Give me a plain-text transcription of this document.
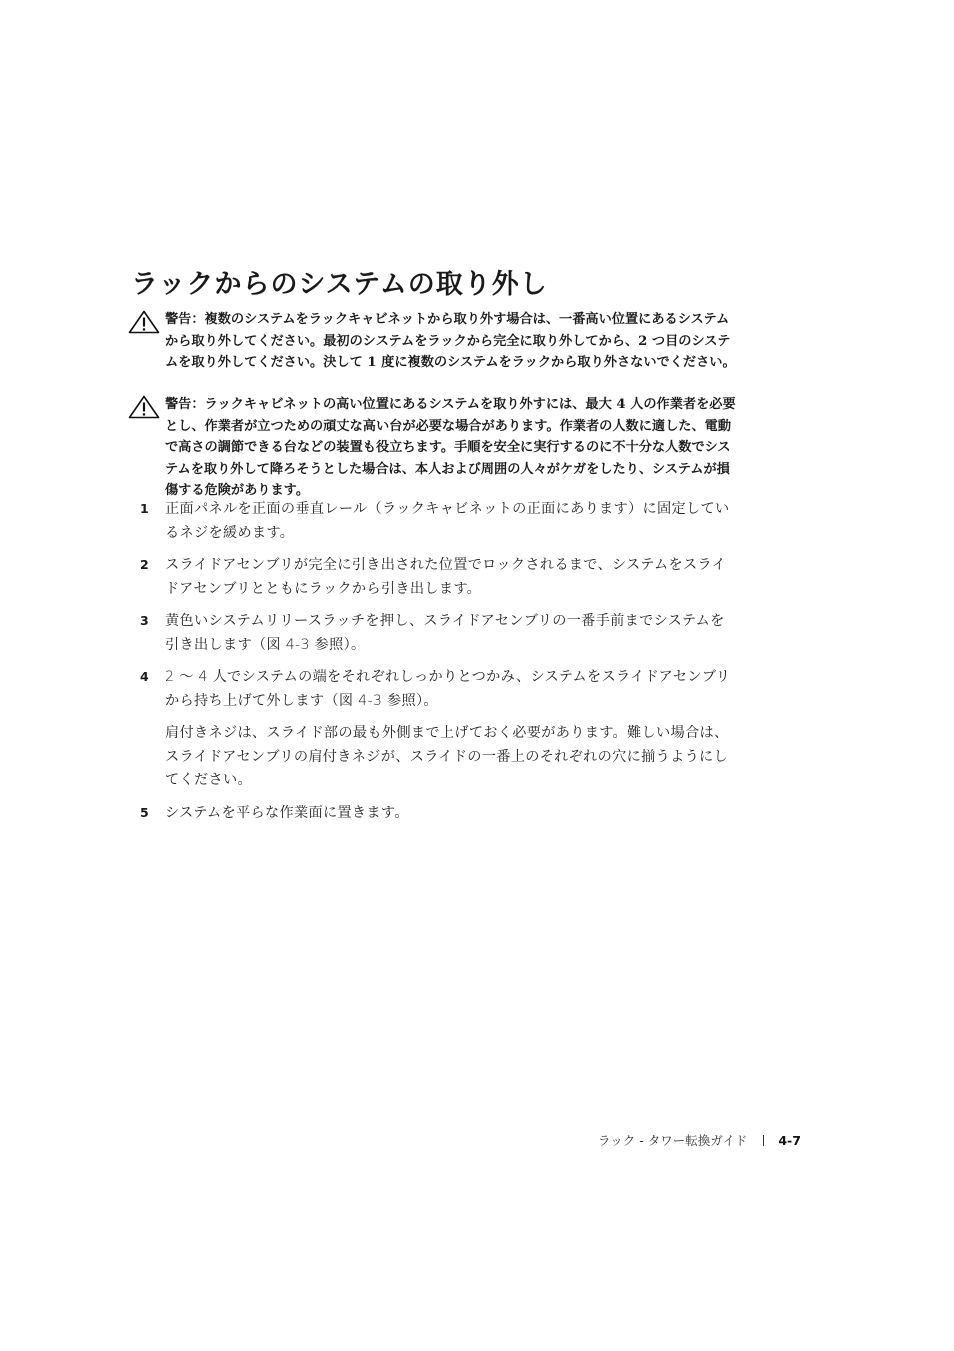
ラックからのシステムの取り外し
警告：複数のシステムをラックキャビネットから取り外す場合は、一番高い位置にあるシステムから取り外してください。最初のシステムをラックから完全に取り外してから、2 つ目のシステムを取り外してください。決して 1 度に複数のシステムをラックから取り外さないでください。
警告：ラックキャビネットの高い位置にあるシステムを取り外すには、最大 4 人の作業者を必要とし、作業者が立つための頑丈な高い台が必要な場合があります。作業者の人数に適した、電動で高さの調節できる台などの装置も役立ちます。手順を安全に実行するのに不十分な人数でシステムを取り外して降ろそうとした場合は、本人および周囲の人々がケガをしたり、システムが損傷する危険があります。
1 正面パネルを正面の垂直レール（ラックキャビネットの正面にあります）に固定しているネジを緩めます。
2 スライドアセンブリが完全に引き出された位置でロックされるまで、システムをスライドアセンブリとともにラックから引き出します。
3 黄色いシステムリリースラッチを押し、スライドアセンブリの一番手前までシステムを引き出します（図 4-3 参照）。
4 2 〜 4 人でシステムの端をそれぞれしっかりとつかみ、システムをスライドアセンブリから持ち上げて外します（図 4-3 参照）。
肩付きネジは、スライド部の最も外側まで上げておく必要があります。難しい場合は、スライドアセンブリの肩付きネジが、スライドの一番上のそれぞれの穴に揃うようにしてください。
5 システムを平らな作業面に置きます。
ラック - タワー転換ガイド 4-7
